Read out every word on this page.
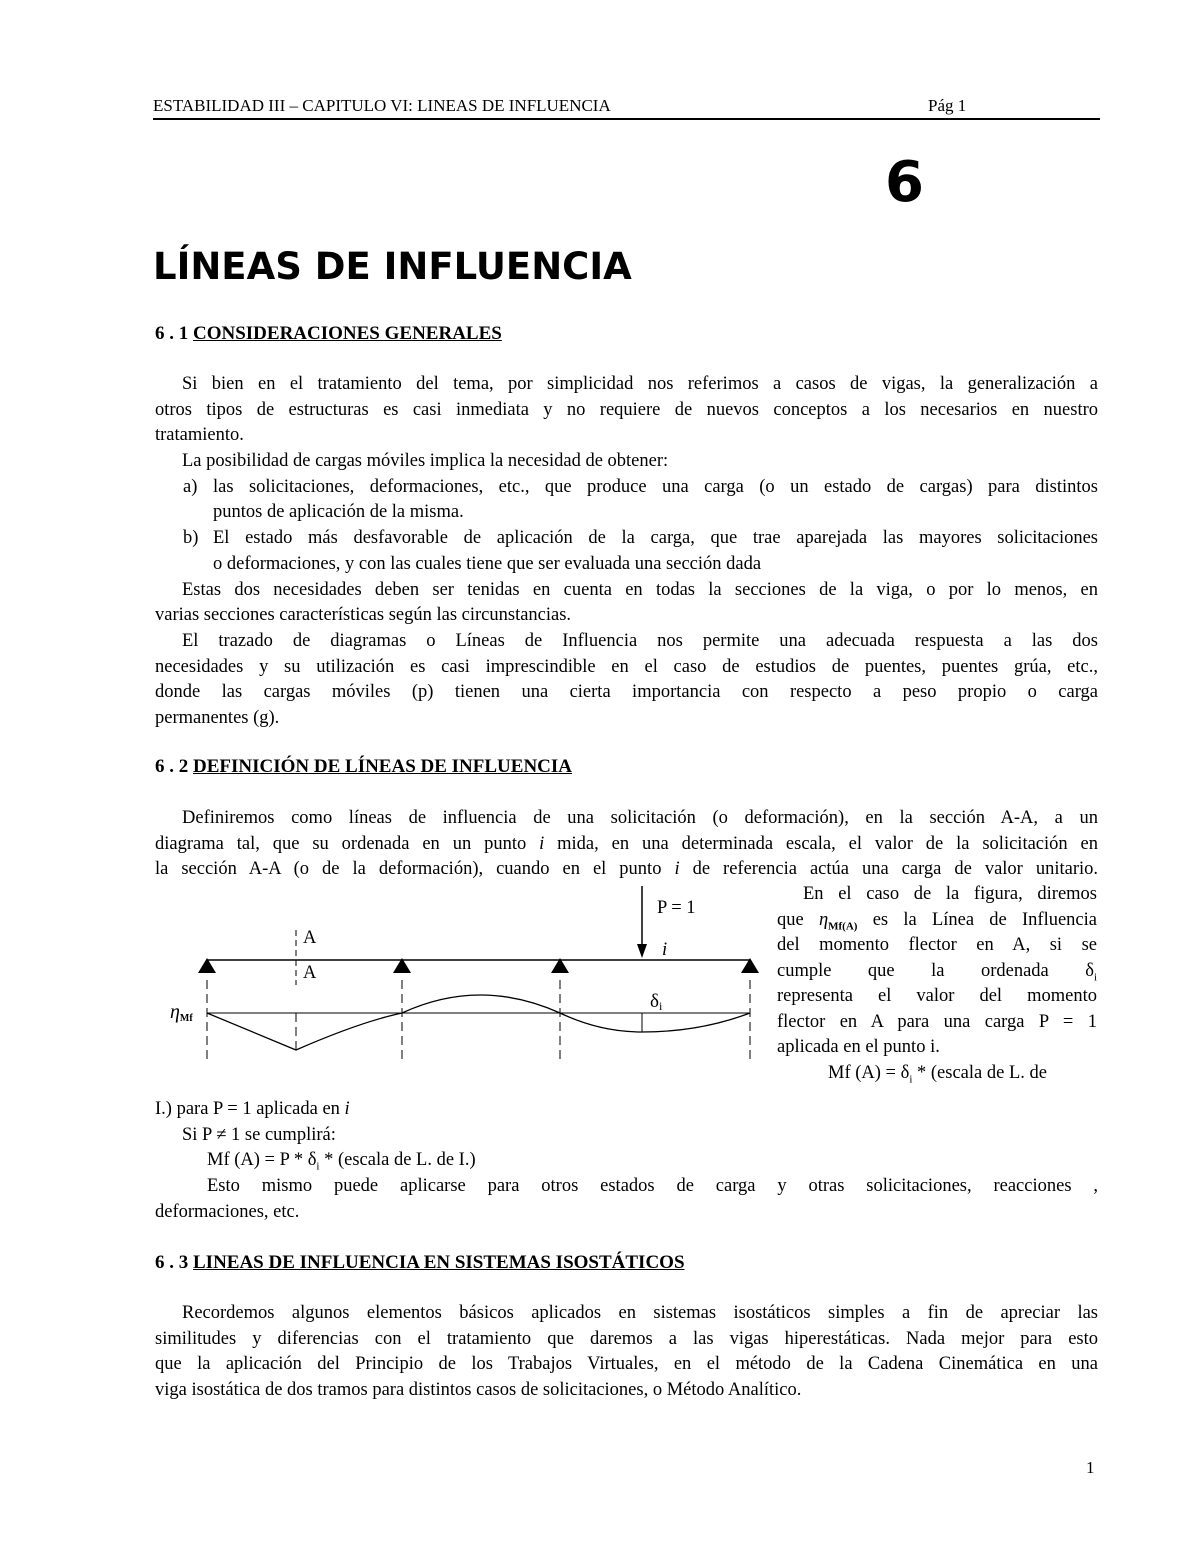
ESTABILIDAD III – CAPITULO VI: LINEAS DE INFLUENCIA	Pág 1
6
LÍNEAS DE INFLUENCIA
6 . 1 CONSIDERACIONES GENERALES
Si bien en el tratamiento del tema, por simplicidad nos referimos a casos de vigas, la generalización a
otros tipos de estructuras es casi inmediata y no requiere de nuevos conceptos a los necesarios en nuestro
tratamiento.
La posibilidad de cargas móviles implica la necesidad de obtener:
a) las solicitaciones, deformaciones, etc., que produce una carga (o un estado de cargas) para distintos
puntos de aplicación de la misma.
b) El estado más desfavorable de aplicación de la carga, que trae aparejada las mayores solicitaciones
o deformaciones, y con las cuales tiene que ser evaluada una sección dada
Estas dos necesidades deben ser tenidas en cuenta en todas la secciones de la viga, o por lo menos, en
varias secciones características según las circunstancias.
El trazado de diagramas o Líneas de Influencia nos permite una adecuada respuesta a las dos
necesidades y su utilización es casi imprescindible en el caso de estudios de puentes, puentes grúa, etc.,
donde las cargas móviles (p) tienen una cierta importancia con respecto a peso propio o carga
permanentes (g).
6 . 2 DEFINICIÓN DE LÍNEAS DE INFLUENCIA
Definiremos como líneas de influencia de una solicitación (o deformación), en la sección A-A, a un
diagrama tal, que su ordenada en un punto i mida, en una determinada escala, el valor de la solicitación en
la sección A-A (o de la deformación), cuando en el punto i de referencia actúa una carga de valor unitario.
En el caso de la figura, diremos
que $\eta_{Mf(A)}$ es la Línea de Influencia
del momento flector en A, si se
cumple que la ordenada $\delta_i$
representa el valor del momento
flector en A para una carga P = 1
aplicada en el punto i.
Mf $(A) = \delta_i$ * (escala de L. de
P = 1
i
A
A
δi
ηMf
I.) para P = 1 aplicada en i
Si P ≠ 1 se cumplirá:
Mf $(A) = P * \delta_i$ * (escala de L. de I.)
Esto mismo puede aplicarse para otros estados de carga y otras solicitaciones, reacciones ,
deformaciones, etc.
6 . 3 LINEAS DE INFLUENCIA EN SISTEMAS ISOSTÁTICOS
Recordemos algunos elementos básicos aplicados en sistemas isostáticos simples a fin de apreciar las
similitudes y diferencias con el tratamiento que daremos a las vigas hiperestáticas. Nada mejor para esto
que la aplicación del Principio de los Trabajos Virtuales, en el método de la Cadena Cinemática en una
viga isostática de dos tramos para distintos casos de solicitaciones, o Método Analítico.
1
